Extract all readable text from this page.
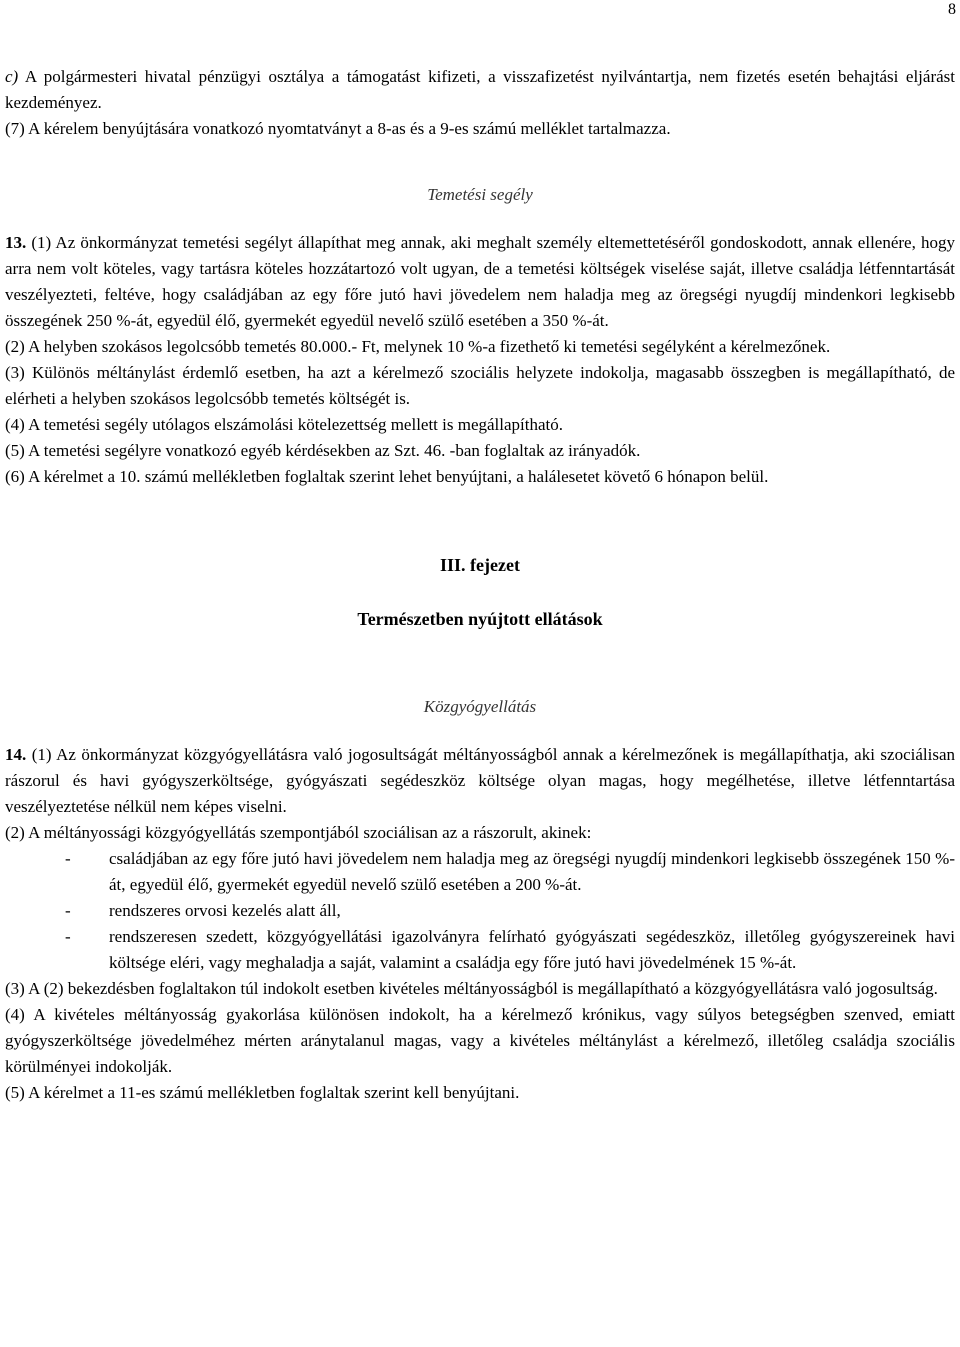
8

c) A polgármesteri hivatal pénzügyi osztálya a támogatást kifizeti, a visszafizetést nyilvántartja, nem fizetés esetén behajtási eljárást kezdeményez.

(7) A kérelem benyújtására vonatkozó nyomtatványt a 8-as és a 9-es számú melléklet tartalmazza.

Temetési segély

13. (1) Az önkormányzat temetési segélyt állapíthat meg annak, aki meghalt személy eltemettetéséről gondoskodott, annak ellenére, hogy arra nem volt köteles, vagy tartásra köteles hozzátartozó volt ugyan, de a temetési költségek viselése saját, illetve családja létfenntartását veszélyezteti, feltéve, hogy családjában az egy főre jutó havi jövedelem nem haladja meg az öregségi nyugdíj mindenkori legkisebb összegének 250 %-át, egyedül élő, gyermekét egyedül nevelő szülő esetében a 350 %-át.

(2) A helyben szokásos legolcsóbb temetés 80.000.- Ft, melynek 10 %-a fizethető ki temetési segélyként a kérelmezőnek.

(3) Különös méltánylást érdemlő esetben, ha azt a kérelmező szociális helyzete indokolja, magasabb összegben is megállapítható, de elérheti a helyben szokásos legolcsóbb temetés költségét is.

(4) A temetési segély utólagos elszámolási kötelezettség mellett is megállapítható.

(5) A temetési segélyre vonatkozó egyéb kérdésekben az Szt. 46. -ban foglaltak az irányadók.

(6) A kérelmet a 10. számú mellékletben foglaltak szerint lehet benyújtani, a halálesetet követő 6 hónapon belül.

III. fejezet

Természetben nyújtott ellátások

Közgyógyellátás

14. (1) Az önkormányzat közgyógyellátásra való jogosultságát méltányosságból annak a kérelmezőnek is megállapíthatja, aki szociálisan rászorul és havi gyógyszerköltsége, gyógyászati segédeszköz költsége olyan magas, hogy megélhetése, illetve létfenntartása veszélyeztetése nélkül nem képes viselni.

(2) A méltányossági közgyógyellátás szempontjából szociálisan az a rászorult, akinek:

- családjában az egy főre jutó havi jövedelem nem haladja meg az öregségi nyugdíj mindenkori legkisebb összegének 150 %-át, egyedül élő, gyermekét egyedül nevelő szülő esetében a 200 %-át.
- rendszeres orvosi kezelés alatt áll,
- rendszeresen szedett, közgyógyellátási igazolványra felírható gyógyászati segédeszköz, illetőleg gyógyszereinek havi költsége eléri, vagy meghaladja a saját, valamint a családja egy főre jutó havi jövedelmének 15 %-át.

(3) A (2) bekezdésben foglaltakon túl indokolt esetben kivételes méltányosságból is megállapítható a közgyógyellátásra való jogosultság.

(4) A kivételes méltányosság gyakorlása különösen indokolt, ha a kérelmező krónikus, vagy súlyos betegségben szenved, emiatt gyógyszerköltsége jövedelméhez mérten aránytalanul magas, vagy a kivételes méltánylást a kérelmező, illetőleg családja szociális körülményei indokolják.

(5) A kérelmet a 11-es számú mellékletben foglaltak szerint kell benyújtani.
